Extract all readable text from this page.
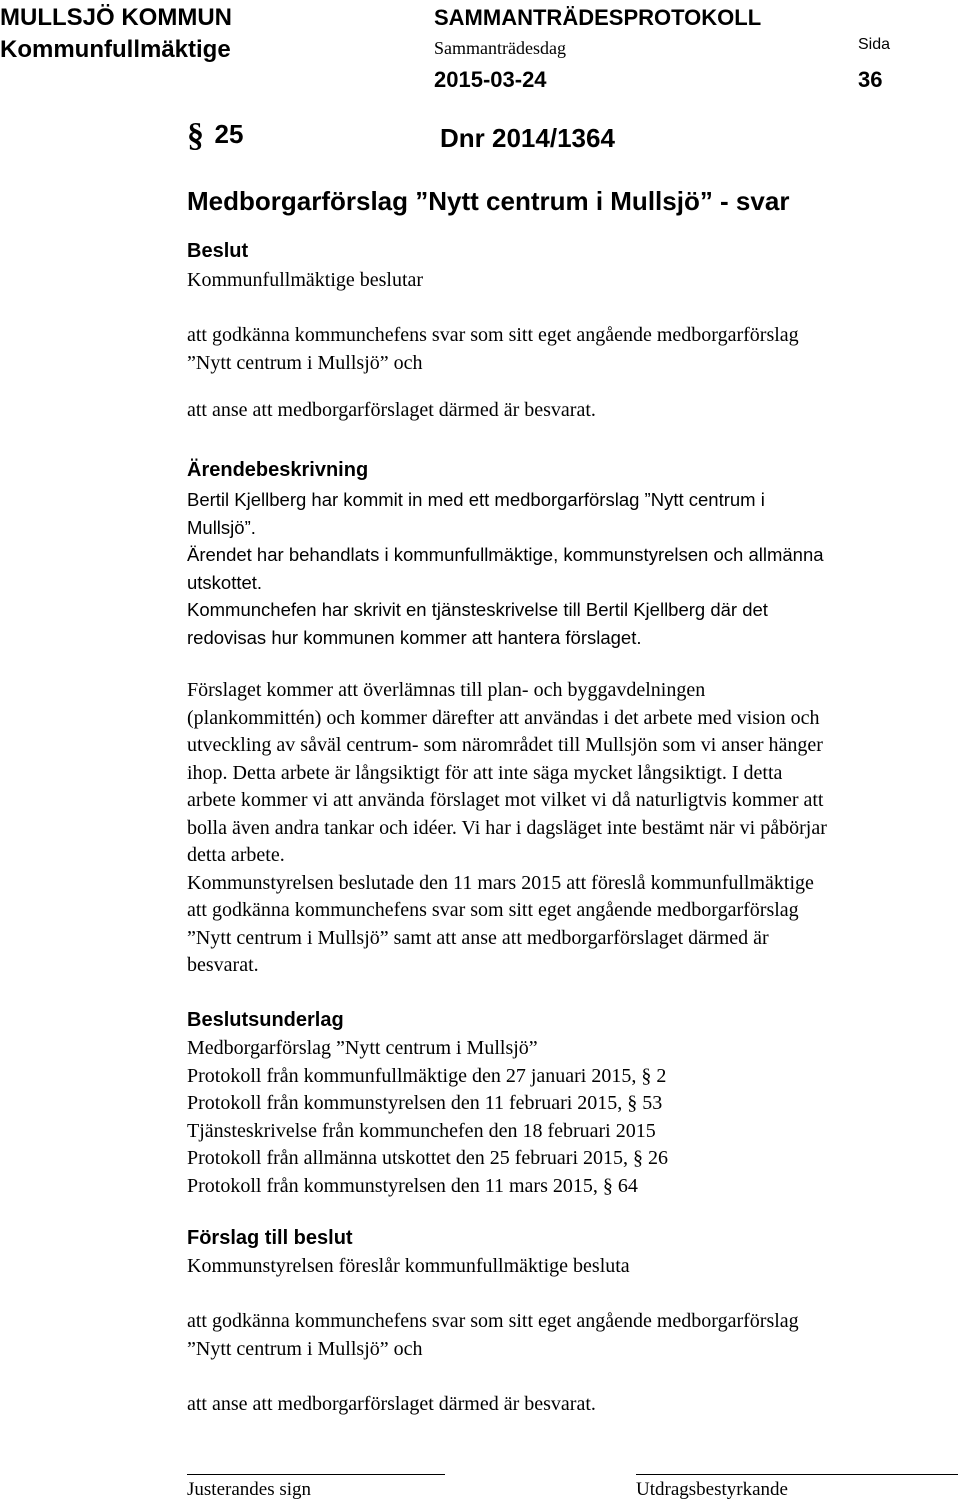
MULLSJÖ KOMMUN
Kommunfullmäktige
SAMMANTRÄDESPROTOKOLL
Sammanträdesdag	Sida
2015-03-24	36
§ 25	Dnr 2014/1364
Medborgarförslag ”Nytt centrum i Mullsjö” - svar
Beslut
Kommunfullmäktige beslutar
att godkänna kommunchefens svar som sitt eget angående medborgarförslag
”Nytt centrum i Mullsjö” och
att anse att medborgarförslaget därmed är besvarat.
Ärendebeskrivning
Bertil Kjellberg har kommit in med ett medborgarförslag ”Nytt centrum i
Mullsjö”.
Ärendet har behandlats i kommunfullmäktige, kommunstyrelsen och allmänna
utskottet.
Kommunchefen har skrivit en tjänsteskrivelse till Bertil Kjellberg där det
redovisas hur kommunen kommer att hantera förslaget.
Förslaget kommer att överlämnas till plan- och byggavdelningen
(plankommittén) och kommer därefter att användas i det arbete med vision och
utveckling av såväl centrum- som närområdet till Mullsjön som vi anser hänger
ihop. Detta arbete är långsiktigt för att inte säga mycket långsiktigt. I detta
arbete kommer vi att använda förslaget mot vilket vi då naturligtvis kommer att
bolla även andra tankar och idéer. Vi har i dagsläget inte bestämt när vi påbörjar
detta arbete.
Kommunstyrelsen beslutade den 11 mars 2015 att föreslå kommunfullmäktige
att godkänna kommunchefens svar som sitt eget angående medborgarförslag
”Nytt centrum i Mullsjö” samt att anse att medborgarförslaget därmed är
besvarat.
Beslutsunderlag
Medborgarförslag ”Nytt centrum i Mullsjö”
Protokoll från kommunfullmäktige den 27 januari 2015, § 2
Protokoll från kommunstyrelsen den 11 februari 2015, § 53
Tjänsteskrivelse från kommunchefen den 18 februari 2015
Protokoll från allmänna utskottet den 25 februari 2015, § 26
Protokoll från kommunstyrelsen den 11 mars 2015, § 64
Förslag till beslut
Kommunstyrelsen föreslår kommunfullmäktige besluta
att godkänna kommunchefens svar som sitt eget angående medborgarförslag
”Nytt centrum i Mullsjö” och
att anse att medborgarförslaget därmed är besvarat.
Justerandes sign	Utdragsbestyrkande
